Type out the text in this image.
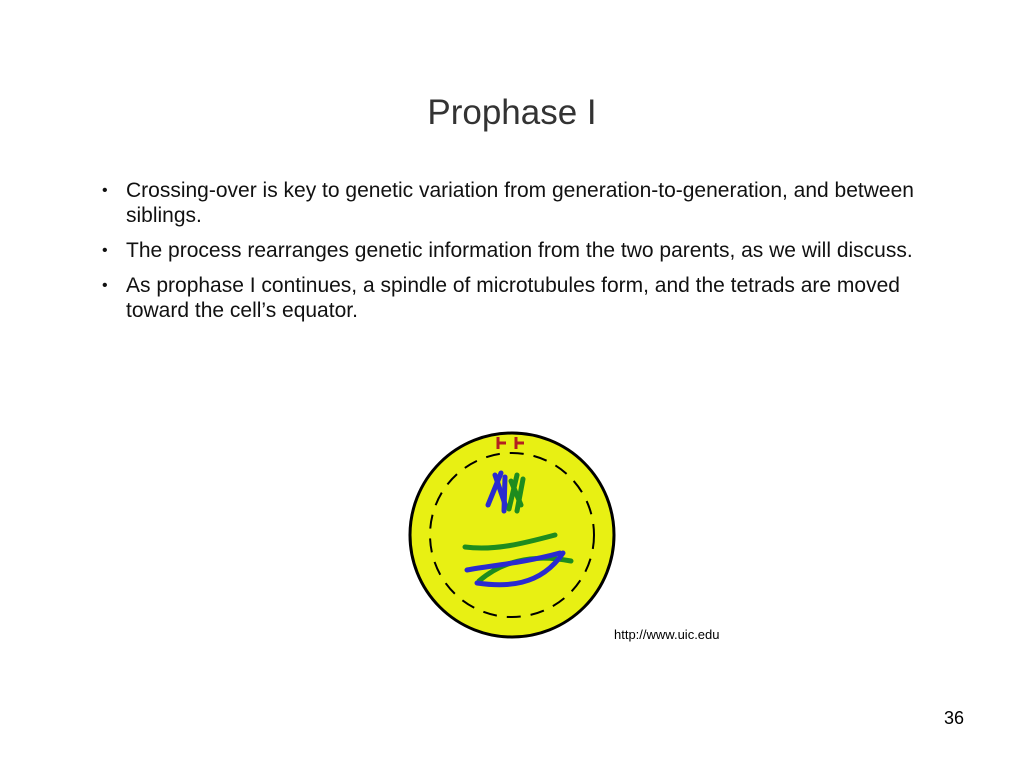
Prophase I
• Crossing-over is key to genetic variation from generation-to-generation, and between siblings.
• The process rearranges genetic information from the two parents, as we will discuss.
• As prophase I continues, a spindle of microtubules form, and the tetrads are moved toward the cell’s equator.
http://www.uic.edu
36
